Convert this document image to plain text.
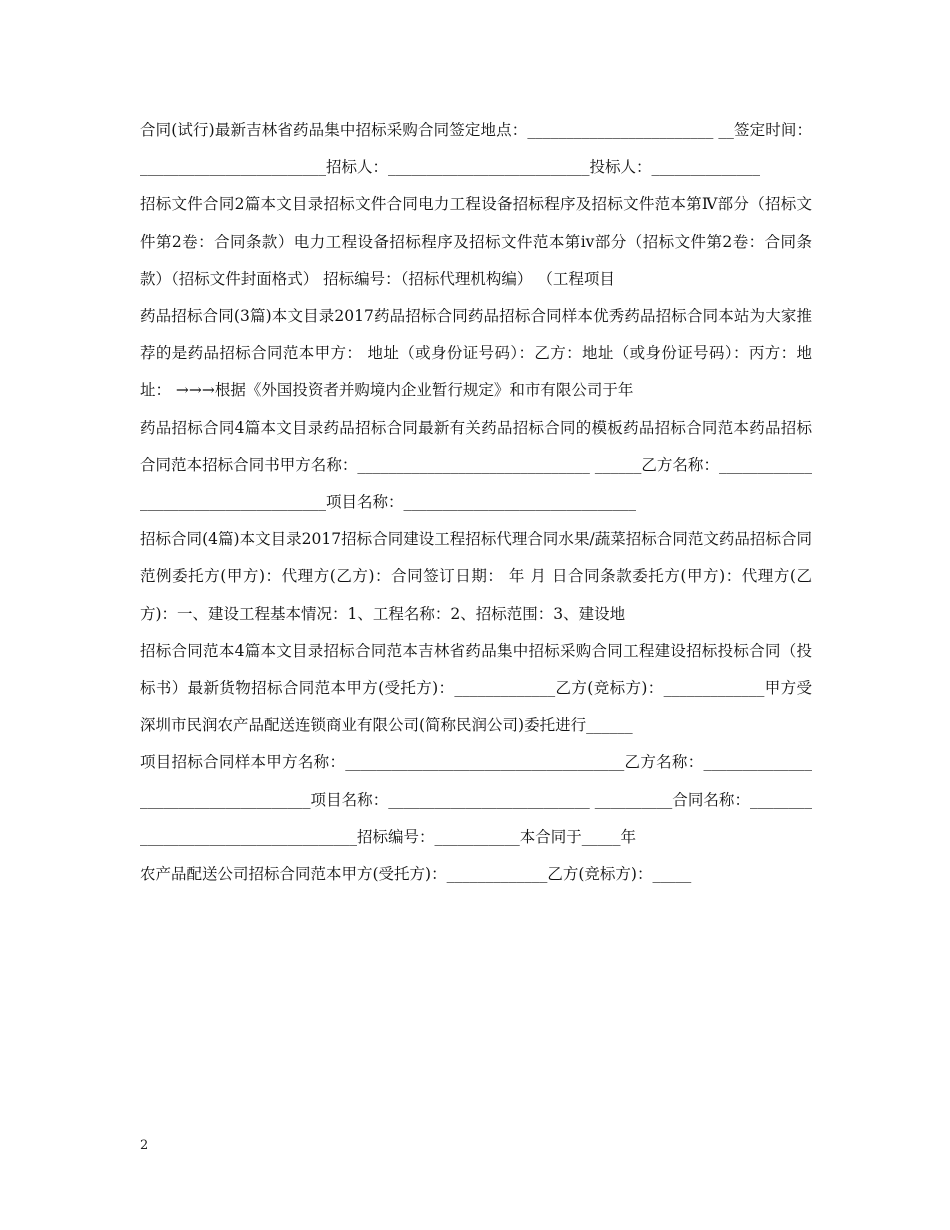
合同(试行)最新吉林省药品集中招标采购合同签定地点：________________________ __签定时间：________________________招标人：__________________________投标人：______________

招标文件合同2篇本文目录招标文件合同电力工程设备招标程序及招标文件范本第Ⅳ部分（招标文件第2卷：合同条款）电力工程设备招标程序及招标文件范本第iv部分（招标文件第2卷：合同条款）（招标文件封面格式） 招标编号：（招标代理机构编） （工程项目

药品招标合同(3篇)本文目录2017药品招标合同药品招标合同样本优秀药品招标合同本站为大家推荐的是药品招标合同范本甲方： 地址（或身份证号码）：乙方：地址（或身份证号码）：丙方：地址： →→→根据《外国投资者并购境内企业暂行规定》和市有限公司于年

药品招标合同4篇本文目录药品招标合同最新有关药品招标合同的模板药品招标合同范本药品招标合同范本招标合同书甲方名称：______________________________ ______乙方名称：____________________________________项目名称：______________________________

招标合同(4篇)本文目录2017招标合同建设工程招标代理合同水果/蔬菜招标合同范文药品招标合同范例委托方(甲方)：代理方(乙方)：合同签订日期： 年 月 日合同条款委托方(甲方)：代理方(乙方)：一、建设工程基本情况：1、工程名称：2、招标范围：3、建设地

招标合同范本4篇本文目录招标合同范本吉林省药品集中招标采购合同工程建设招标投标合同（投标书）最新货物招标合同范本甲方(受托方)：_____________乙方(竞标方)：_____________甲方受深圳市民润农产品配送连锁商业有限公司(简称民润公司)委托进行______

项目招标合同样本甲方名称：____________________________________乙方名称：____________________________________项目名称：__________________________ __________合同名称：____________________________________招标编号：___________本合同于_____年

农产品配送公司招标合同范本甲方(受托方)：_____________乙方(竞标方)：_____

2
